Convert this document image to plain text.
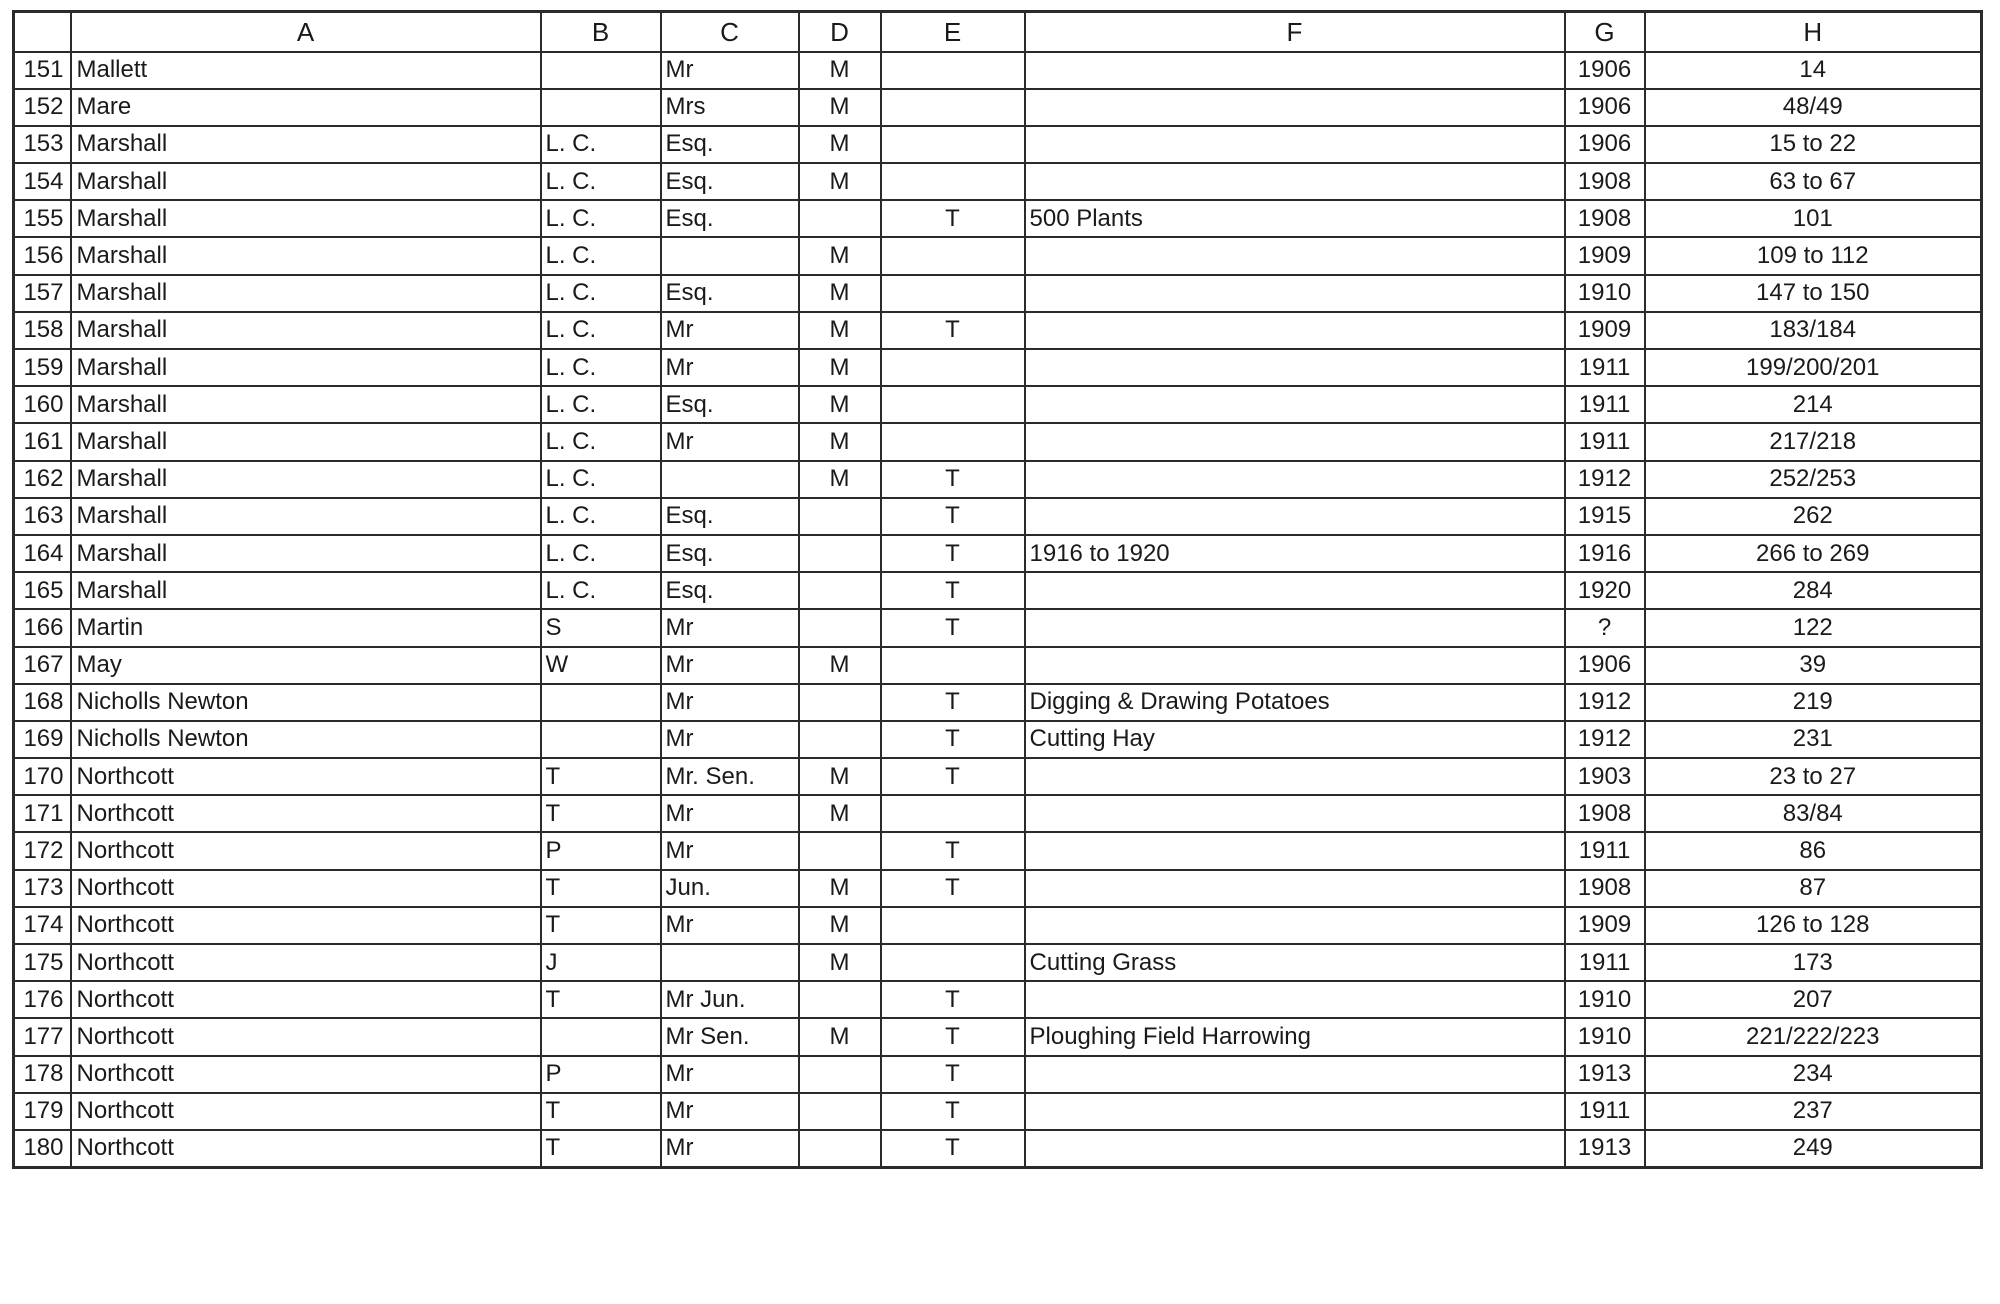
	A	B	C	D	E	F	G	H
151	Mallett		Mr	M			1906	14
152	Mare		Mrs	M			1906	48/49
153	Marshall	L. C.	Esq.	M			1906	15 to 22
154	Marshall	L. C.	Esq.	M			1908	63 to 67
155	Marshall	L. C.	Esq.		T	500 Plants	1908	101
156	Marshall	L. C.		M			1909	109 to 112
157	Marshall	L. C.	Esq.	M			1910	147 to 150
158	Marshall	L. C.	Mr	M	T		1909	183/184
159	Marshall	L. C.	Mr	M			1911	199/200/201
160	Marshall	L. C.	Esq.	M			1911	214
161	Marshall	L. C.	Mr	M			1911	217/218
162	Marshall	L. C.		M	T		1912	252/253
163	Marshall	L. C.	Esq.		T		1915	262
164	Marshall	L. C.	Esq.		T	1916 to 1920	1916	266 to 269
165	Marshall	L. C.	Esq.		T		1920	284
166	Martin	S	Mr		T		?	122
167	May	W	Mr	M			1906	39
168	Nicholls Newton		Mr		T	Digging & Drawing Potatoes	1912	219
169	Nicholls Newton		Mr		T	Cutting Hay	1912	231
170	Northcott	T	Mr. Sen.	M	T		1903	23 to 27
171	Northcott	T	Mr	M			1908	83/84
172	Northcott	P	Mr		T		1911	86
173	Northcott	T	Jun.	M	T		1908	87
174	Northcott	T	Mr	M			1909	126 to 128
175	Northcott	J		M		Cutting Grass	1911	173
176	Northcott	T	Mr Jun.		T		1910	207
177	Northcott		Mr Sen.	M	T	Ploughing Field Harrowing	1910	221/222/223
178	Northcott	P	Mr		T		1913	234
179	Northcott	T	Mr		T		1911	237
180	Northcott	T	Mr		T		1913	249
